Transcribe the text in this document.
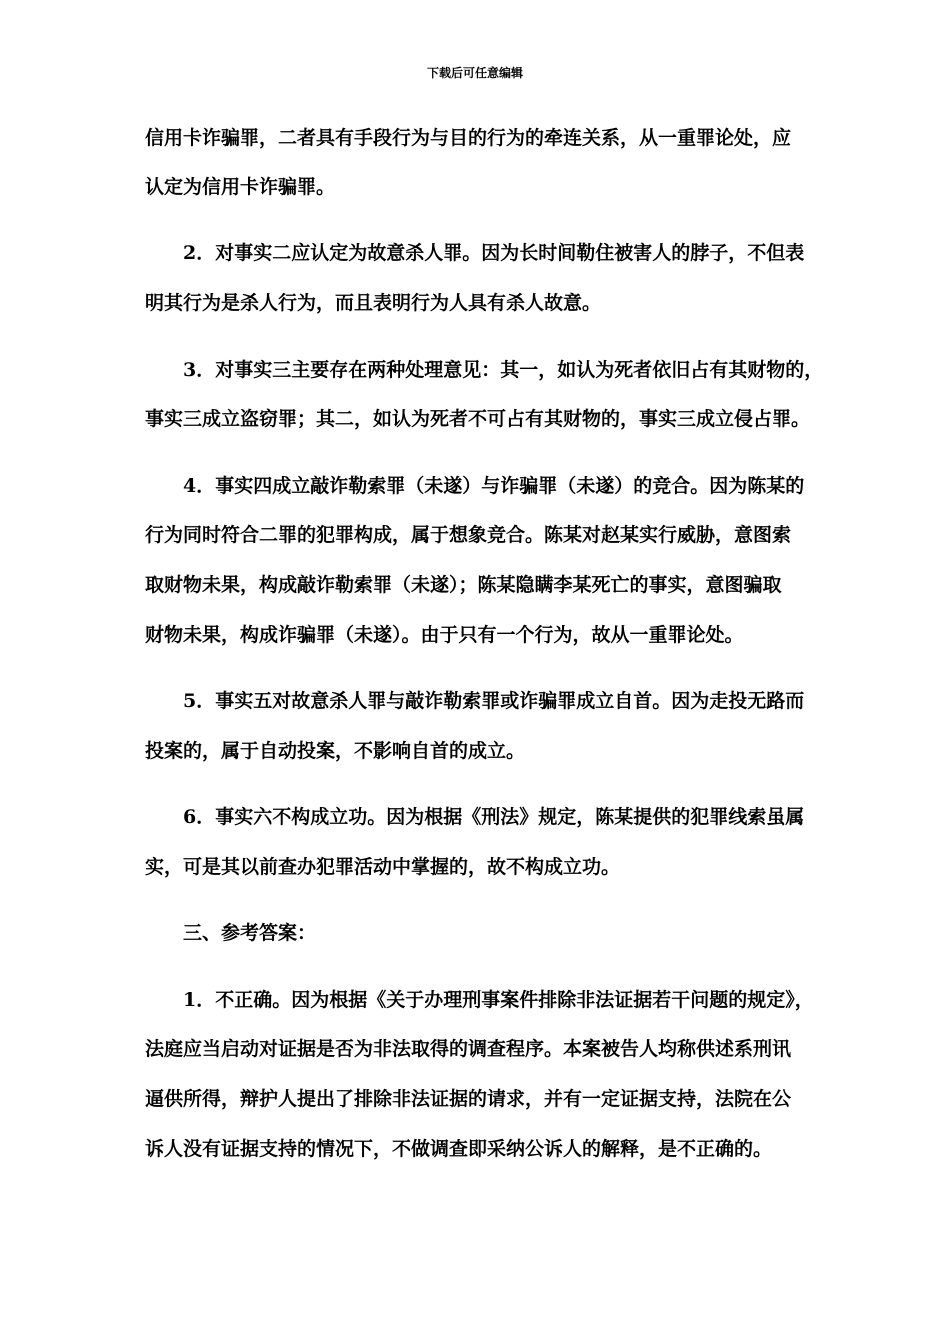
下载后可任意编辑
信用卡诈骗罪，二者具有手段行为与目的行为的牵连关系，从一重罪论处，应
认定为信用卡诈骗罪。
2．对事实二应认定为故意杀人罪。因为长时间勒住被害人的脖子，不但表
明其行为是杀人行为，而且表明行为人具有杀人故意。
3．对事实三主要存在两种处理意见：其一，如认为死者依旧占有其财物的，
事实三成立盗窃罪；其二，如认为死者不可占有其财物的，事实三成立侵占罪。
4．事实四成立敲诈勒索罪（未遂）与诈骗罪（未遂）的竞合。因为陈某的
行为同时符合二罪的犯罪构成，属于想象竞合。陈某对赵某实行威胁，意图索
取财物未果，构成敲诈勒索罪（未遂）；陈某隐瞒李某死亡的事实，意图骗取
财物未果，构成诈骗罪（未遂）。由于只有一个行为，故从一重罪论处。
5．事实五对故意杀人罪与敲诈勒索罪或诈骗罪成立自首。因为走投无路而
投案的，属于自动投案，不影响自首的成立。
6．事实六不构成立功。因为根据《刑法》规定，陈某提供的犯罪线索虽属
实，可是其以前查办犯罪活动中掌握的，故不构成立功。
三、参考答案：
1．不正确。因为根据《关于办理刑事案件排除非法证据若干问题的规定》，
法庭应当启动对证据是否为非法取得的调查程序。本案被告人均称供述系刑讯
逼供所得，辩护人提出了排除非法证据的请求，并有一定证据支持，法院在公
诉人没有证据支持的情况下，不做调查即采纳公诉人的解释，是不正确的。
